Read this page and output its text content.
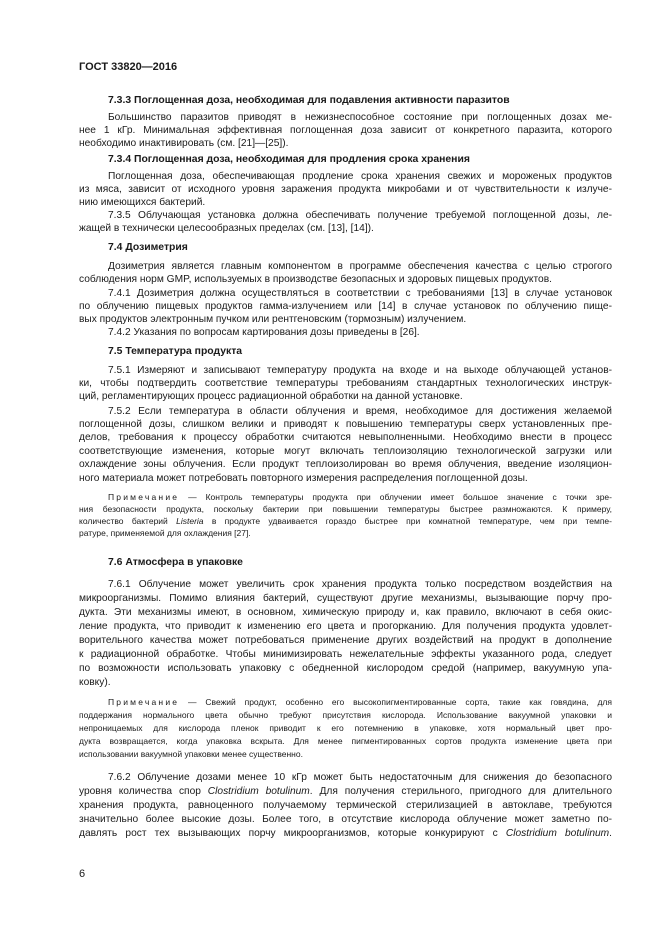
ГОСТ 33820—2016
7.3.3 Поглощенная доза, необходимая для подавления активности паразитов
Большинство паразитов приводят в нежизнеспособное состояние при поглощенных дозах ме-
нее 1 кГр. Минимальная эффективная поглощенная доза зависит от конкретного паразита, которого
необходимо инактивировать (см. [21]—[25]).
7.3.4 Поглощенная доза, необходимая для продления срока хранения
Поглощенная доза, обеспечивающая продление срока хранения свежих и мороженых продуктов
из мяса, зависит от исходного уровня заражения продукта микробами и от чувствительности к излуче-
нию имеющихся бактерий.
7.3.5 Облучающая установка должна обеспечивать получение требуемой поглощенной дозы, ле-
жащей в технически целесообразных пределах (см. [13], [14]).
7.4 Дозиметрия
Дозиметрия является главным компонентом в программе обеспечения качества с целью строгого
соблюдения норм GMP, используемых в производстве безопасных и здоровых пищевых продуктов.
7.4.1 Дозиметрия должна осуществляться в соответствии с требованиями [13] в случае установок
по облучению пищевых продуктов гамма-излучением или [14] в случае установок по облучению пище-
вых продуктов электронным пучком или рентгеновским (тормозным) излучением.
7.4.2 Указания по вопросам картирования дозы приведены в [26].
7.5 Температура продукта
7.5.1 Измеряют и записывают температуру продукта на входе и на выходе облучающей установ-
ки, чтобы подтвердить соответствие температуры требованиям стандартных технологических инструк-
ций, регламентирующих процесс радиационной обработки на данной установке.
7.5.2 Если температура в области облучения и время, необходимое для достижения желаемой
поглощенной дозы, слишком велики и приводят к повышению температуры сверх установленных пре-
делов, требования к процессу обработки считаются невыполненными. Необходимо внести в процесс
соответствующие изменения, которые могут включать теплоизоляцию технологической загрузки или
охлаждение зоны облучения. Если продукт теплоизолирован во время облучения, введение изоляцион-
ного материала может потребовать повторного измерения распределения поглощенной дозы.
Примечание — Контроль температуры продукта при облучении имеет большое значение с точки зре-
ния безопасности продукта, поскольку бактерии при повышении температуры быстрее размножаются. К примеру,
количество бактерий Listeria в продукте удваивается гораздо быстрее при комнатной температуре, чем при темпе-
ратуре, применяемой для охлаждения [27].
7.6 Атмосфера в упаковке
7.6.1 Облучение может увеличить срок хранения продукта только посредством воздействия на
микроорганизмы. Помимо влияния бактерий, существуют другие механизмы, вызывающие порчу про-
дукта. Эти механизмы имеют, в основном, химическую природу и, как правило, включают в себя окис-
ление продукта, что приводит к изменению его цвета и прогорканию. Для получения продукта удовлет-
ворительного качества может потребоваться применение других воздействий на продукт в дополнение
к радиационной обработке. Чтобы минимизировать нежелательные эффекты указанного рода, следует
по возможности использовать упаковку с обедненной кислородом средой (например, вакуумную упа-
ковку).
Примечание — Свежий продукт, особенно его высокопигментированные сорта, такие как говядина, для
поддержания нормального цвета обычно требуют присутствия кислорода. Использование вакуумной упаковки и
непроницаемых для кислорода пленок приводит к его потемнению в упаковке, хотя нормальный цвет про-
дукта возвращается, когда упаковка вскрыта. Для менее пигментированных сортов продукта изменение цвета при
использовании вакуумной упаковки менее существенно.
7.6.2 Облучение дозами менее 10 кГр может быть недостаточным для снижения до безопасного
уровня количества спор Clostridium botulinum. Для получения стерильного, пригодного для длительного
хранения продукта, равноценного получаемому термической стерилизацией в автоклаве, требуются
значительно более высокие дозы. Более того, в отсутствие кислорода облучение может заметно по-
давлять рост тех вызывающих порчу микроорганизмов, которые конкурируют с Clostridium botulinum.
6
